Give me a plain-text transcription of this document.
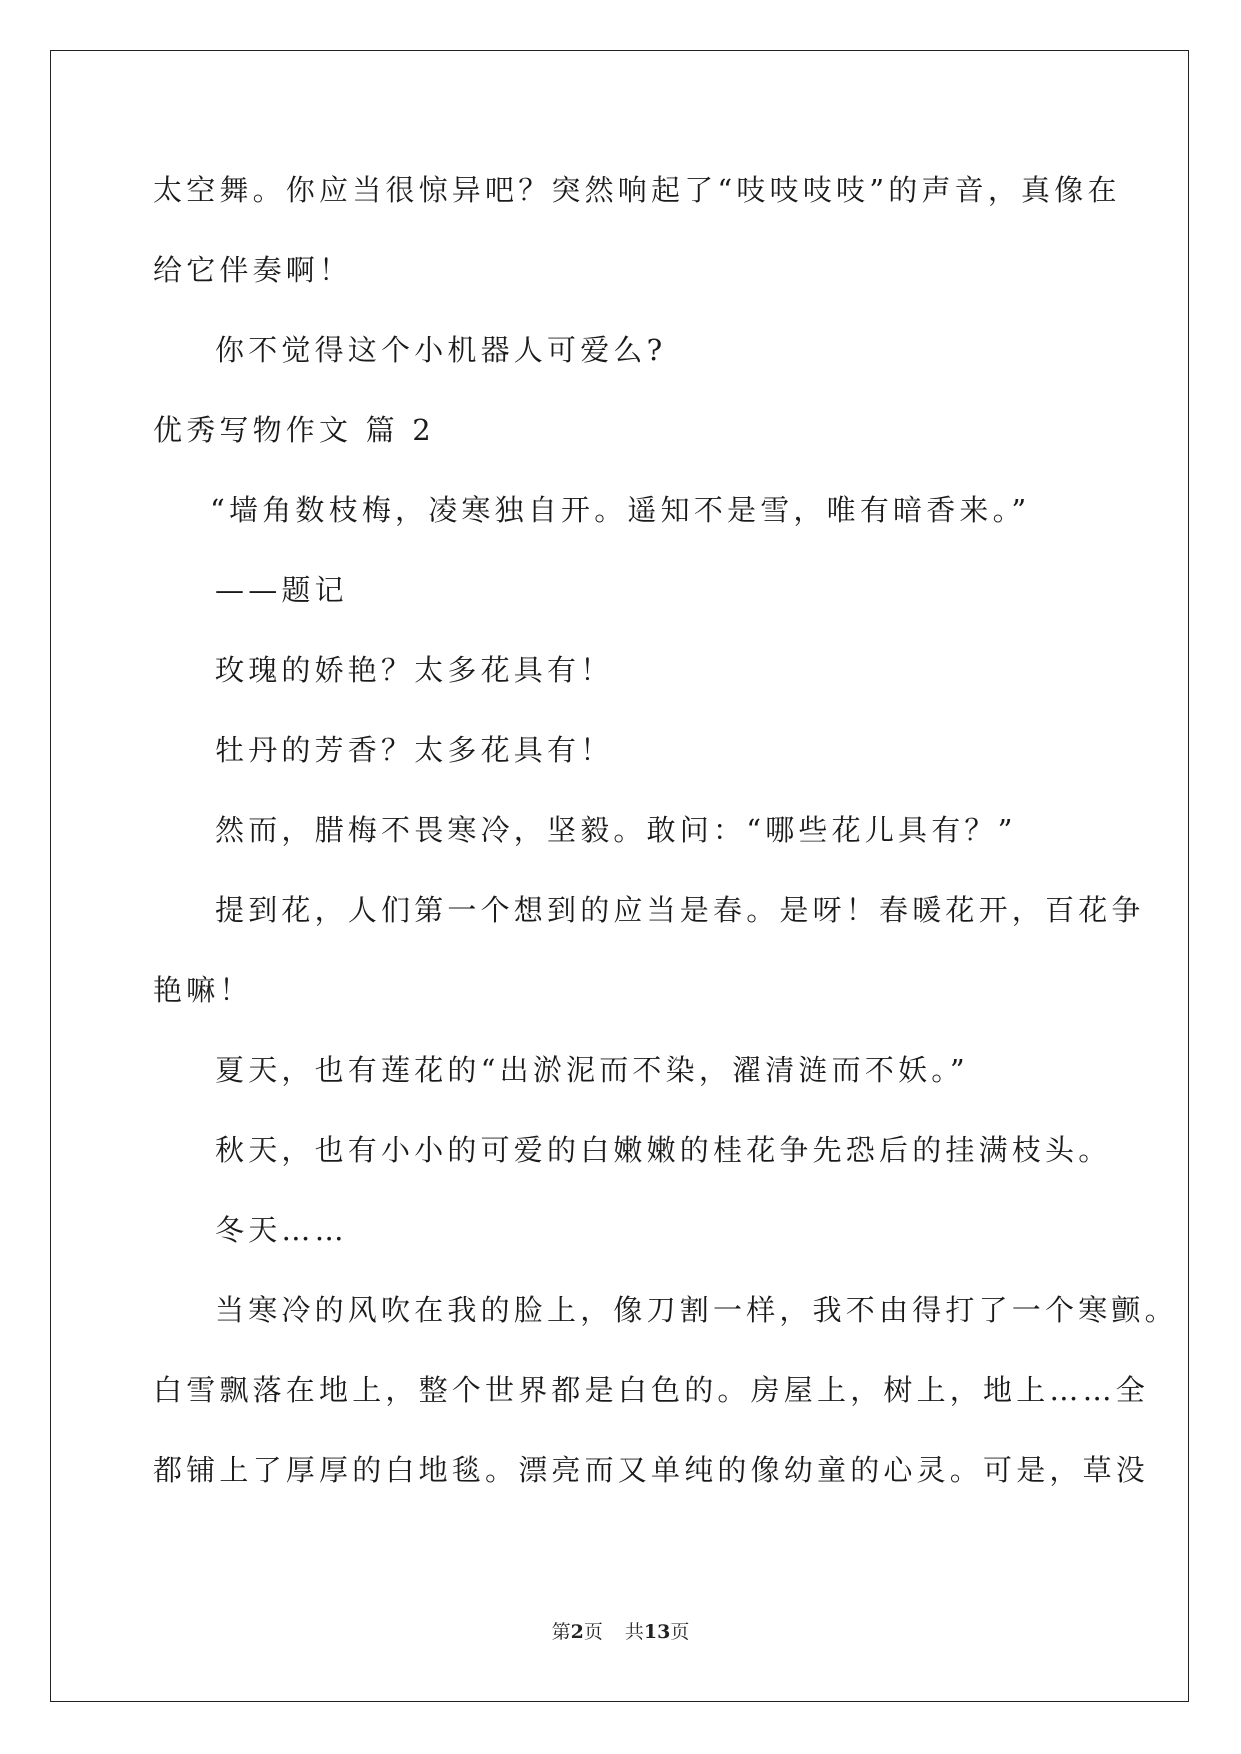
太空舞。你应当很惊异吧？突然响起了“吱吱吱吱”的声音，真像在
给它伴奏啊！
你不觉得这个小机器人可爱么?
优秀写物作文 篇 2
“墙角数枝梅，凌寒独自开。遥知不是雪，唯有暗香来。”
——题记
玫瑰的娇艳？太多花具有！
牡丹的芳香？太多花具有！
然而，腊梅不畏寒冷，坚毅。敢问：“哪些花儿具有？”
提到花，人们第一个想到的应当是春。是呀！春暖花开，百花争
艳嘛！
夏天，也有莲花的“出淤泥而不染，濯清涟而不妖。”
秋天，也有小小的可爱的白嫩嫩的桂花争先恐后的挂满枝头。
冬天……
当寒冷的风吹在我的脸上，像刀割一样，我不由得打了一个寒颤。
白雪飘落在地上，整个世界都是白色的。房屋上，树上，地上……全
都铺上了厚厚的白地毯。漂亮而又单纯的像幼童的心灵。可是，草没
第2页 共13页
